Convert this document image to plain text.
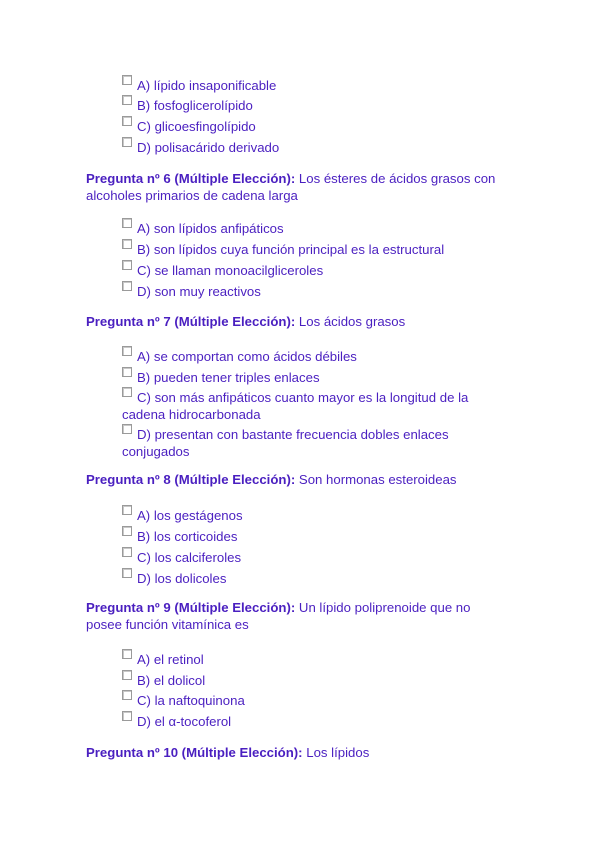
A) lípido insaponificable
B) fosfoglicerolípido
C) glicoesfingolípido
D) polisacárido derivado
Pregunta nº 6 (Múltiple Elección): Los ésteres de ácidos grasos con alcoholes primarios de cadena larga
A) son lípidos anfipáticos
B) son lípidos cuya función principal es la estructural
C) se llaman monoacilgliceroles
D) son muy reactivos
Pregunta nº 7 (Múltiple Elección): Los ácidos grasos
A) se comportan como ácidos débiles
B) pueden tener triples enlaces
C) son más anfipáticos cuanto mayor es la longitud de la cadena hidrocarbonada
D) presentan con bastante frecuencia dobles enlaces conjugados
Pregunta nº 8 (Múltiple Elección): Son hormonas esteroideas
A) los gestágenos
B) los corticoides
C) los calciferoles
D) los dolicoles
Pregunta nº 9 (Múltiple Elección): Un lípido poliprenoide que no posee función vitamínica es
A) el retinol
B) el dolicol
C) la naftoquinona
D) el α-tocoferol
Pregunta nº 10 (Múltiple Elección): Los lípidos
